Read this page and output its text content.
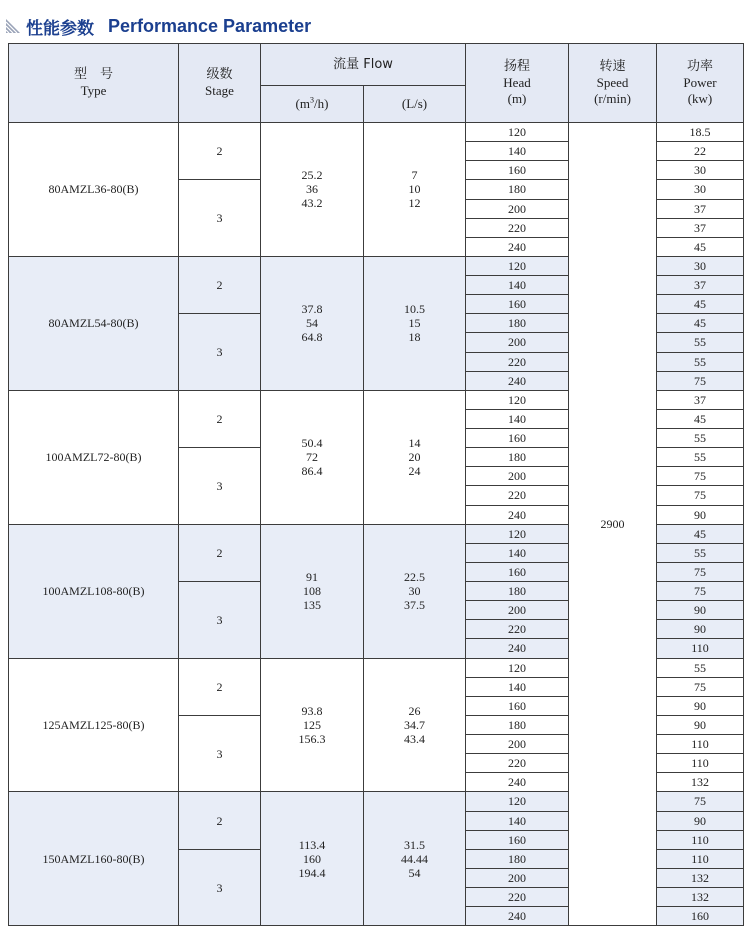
性能参数 Performance Parameter
型　号
Type	级数
Stage	流量 Flow		扬程
Head
(m)	转速
Speed
(r/min)	功率
Power
(kw)

		$(m^3/h)$	(L/s)			
80AMZL36-80(B)	2	25.2
36
43.2	7
10
12	120	2900	18.5
				140		22
				160		30
	3			180		30
				200		37
				220		37
				240		45
80AMZL54-80(B)	2	37.8
54
64.8	10.5
15
18	120		30
				140		37
				160		45
	3			180		45
				200		55
				220		55
				240		75
100AMZL72-80(B)	2	50.4
72
86.4	14
20
24	120		37
				140		45
				160		55
	3			180		55
				200		75
				220		75
				240		90
100AMZL108-80(B)	2	91
108
135	22.5
30
37.5	120		45
				140		55
				160		75
	3			180		75
				200		90
				220		90
				240		110
125AMZL125-80(B)	2	93.8
125
156.3	26
34.7
43.4	120		55
				140		75
				160		90
	3			180		90
				200		110
				220		110
				240		132
150AMZL160-80(B)	2	113.4
160
194.4	31.5
44.44
54	120		75
				140		90
				160		110
	3			180		110
				200		132
				220		132
				240		160
